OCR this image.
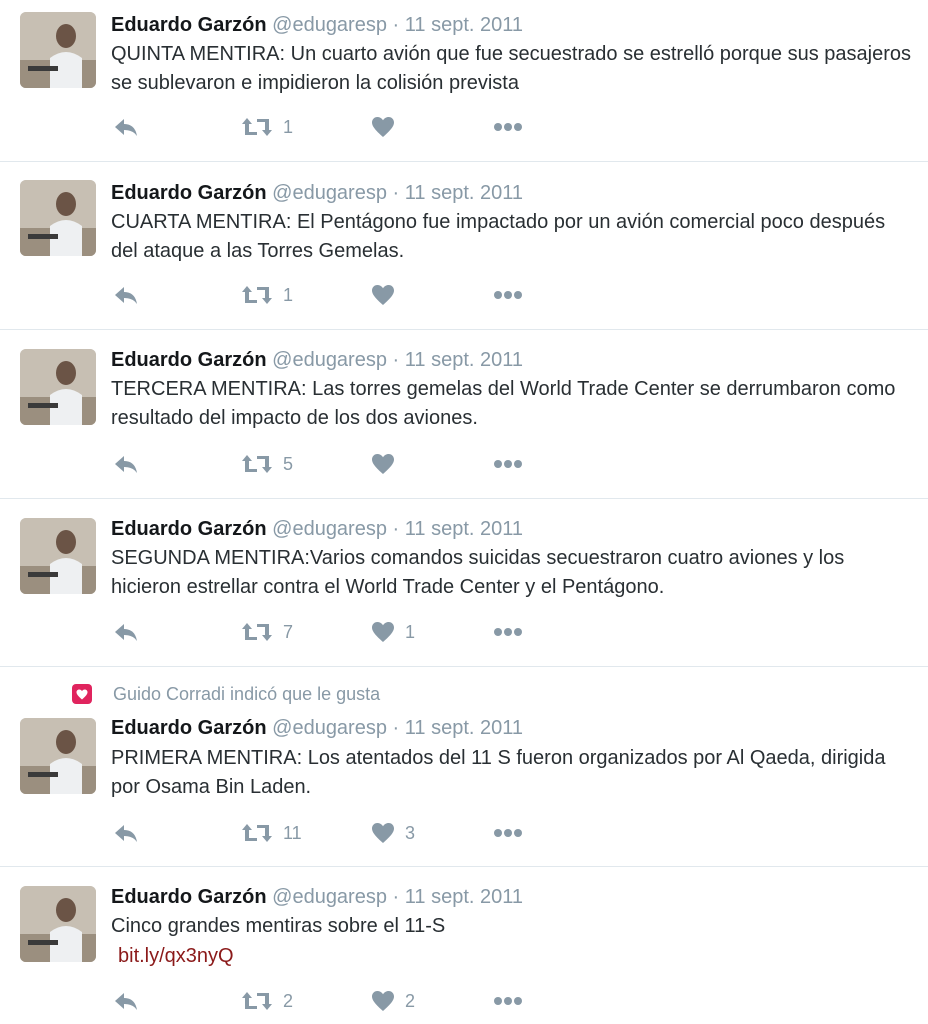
Eduardo Garzón @edugaresp · 11 sept. 2011
QUINTA MENTIRA: Un cuarto avión que fue secuestrado se estrelló porque sus pasajeros se sublevaron e impidieron la colisión prevista
1
Eduardo Garzón @edugaresp · 11 sept. 2011
CUARTA MENTIRA: El Pentágono fue impactado por un avión comercial poco después del ataque a las Torres Gemelas.
1
Eduardo Garzón @edugaresp · 11 sept. 2011
TERCERA MENTIRA: Las torres gemelas del World Trade Center se derrumbaron como resultado del impacto de los dos aviones.
5
Eduardo Garzón @edugaresp · 11 sept. 2011
SEGUNDA MENTIRA:Varios comandos suicidas secuestraron cuatro aviones y los hicieron estrellar contra el World Trade Center y el Pentágono.
7	1
Guido Corradi indicó que le gusta
Eduardo Garzón @edugaresp · 11 sept. 2011
PRIMERA MENTIRA: Los atentados del 11 S fueron organizados por Al Qaeda, dirigida por Osama Bin Laden.
11	3
Eduardo Garzón @edugaresp · 11 sept. 2011
Cinco grandes mentiras sobre el 11-S
bit.ly/qx3nyQ
2	2
